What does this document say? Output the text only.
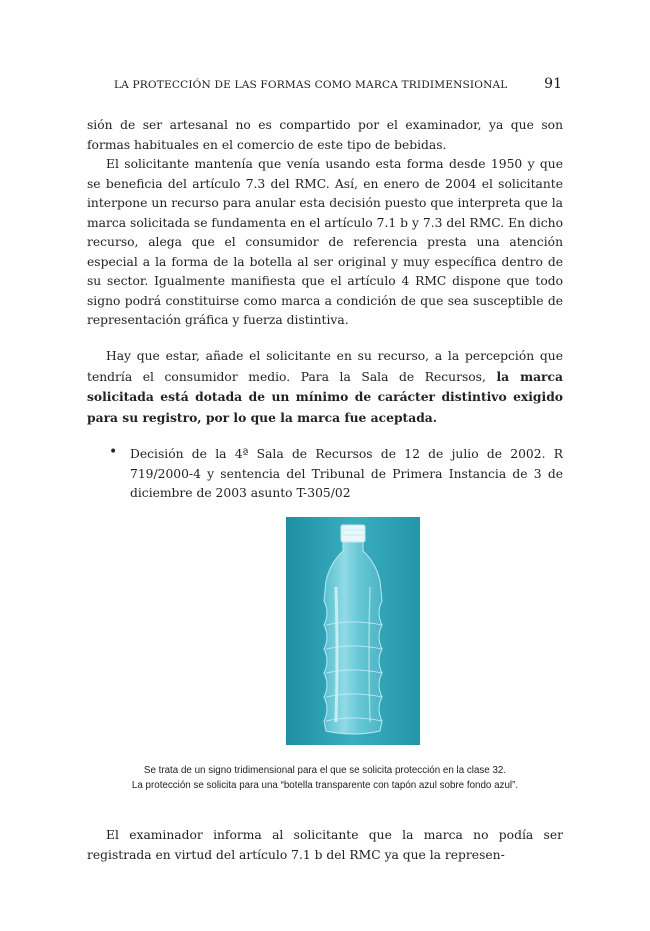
LA PROTECCIÓN DE LAS FORMAS COMO MARCA TRIDIMENSIONAL	91

sión de ser artesanal no es compartido por el examinador, ya que son formas habituales en el comercio de este tipo de bebidas.

El solicitante mantenía que venía usando esta forma desde 1950 y que se beneficia del artículo 7.3 del RMC. Así, en enero de 2004 el solicitante interpone un recurso para anular esta decisión puesto que interpreta que la marca solicitada se fundamenta en el artículo 7.1 b y 7.3 del RMC. En dicho recurso, alega que el consumidor de referencia presta una atención especial a la forma de la botella al ser original y muy específica dentro de su sector. Igualmente manifiesta que el artículo 4 RMC dispone que todo signo podrá constituirse como marca a condición de que sea susceptible de representación gráfica y fuerza distintiva.

Hay que estar, añade el solicitante en su recurso, a la percepción que tendría el consumidor medio. Para la Sala de Recursos, la marca solicitada está dotada de un mínimo de carácter distintivo exigido para su registro, por lo que la marca fue aceptada.

• Decisión de la 4ª Sala de Recursos de 12 de julio de 2002. R 719/2000-4 y sentencia del Tribunal de Primera Instancia de 3 de diciembre de 2003 asunto T-305/02

Se trata de un signo tridimensional para el que se solicita protección en la clase 32.

La protección se solicita para una “botella transparente con tapón azul sobre fondo azul”.

El examinador informa al solicitante que la marca no podía ser registrada en virtud del artículo 7.1 b del RMC ya que la represen-
